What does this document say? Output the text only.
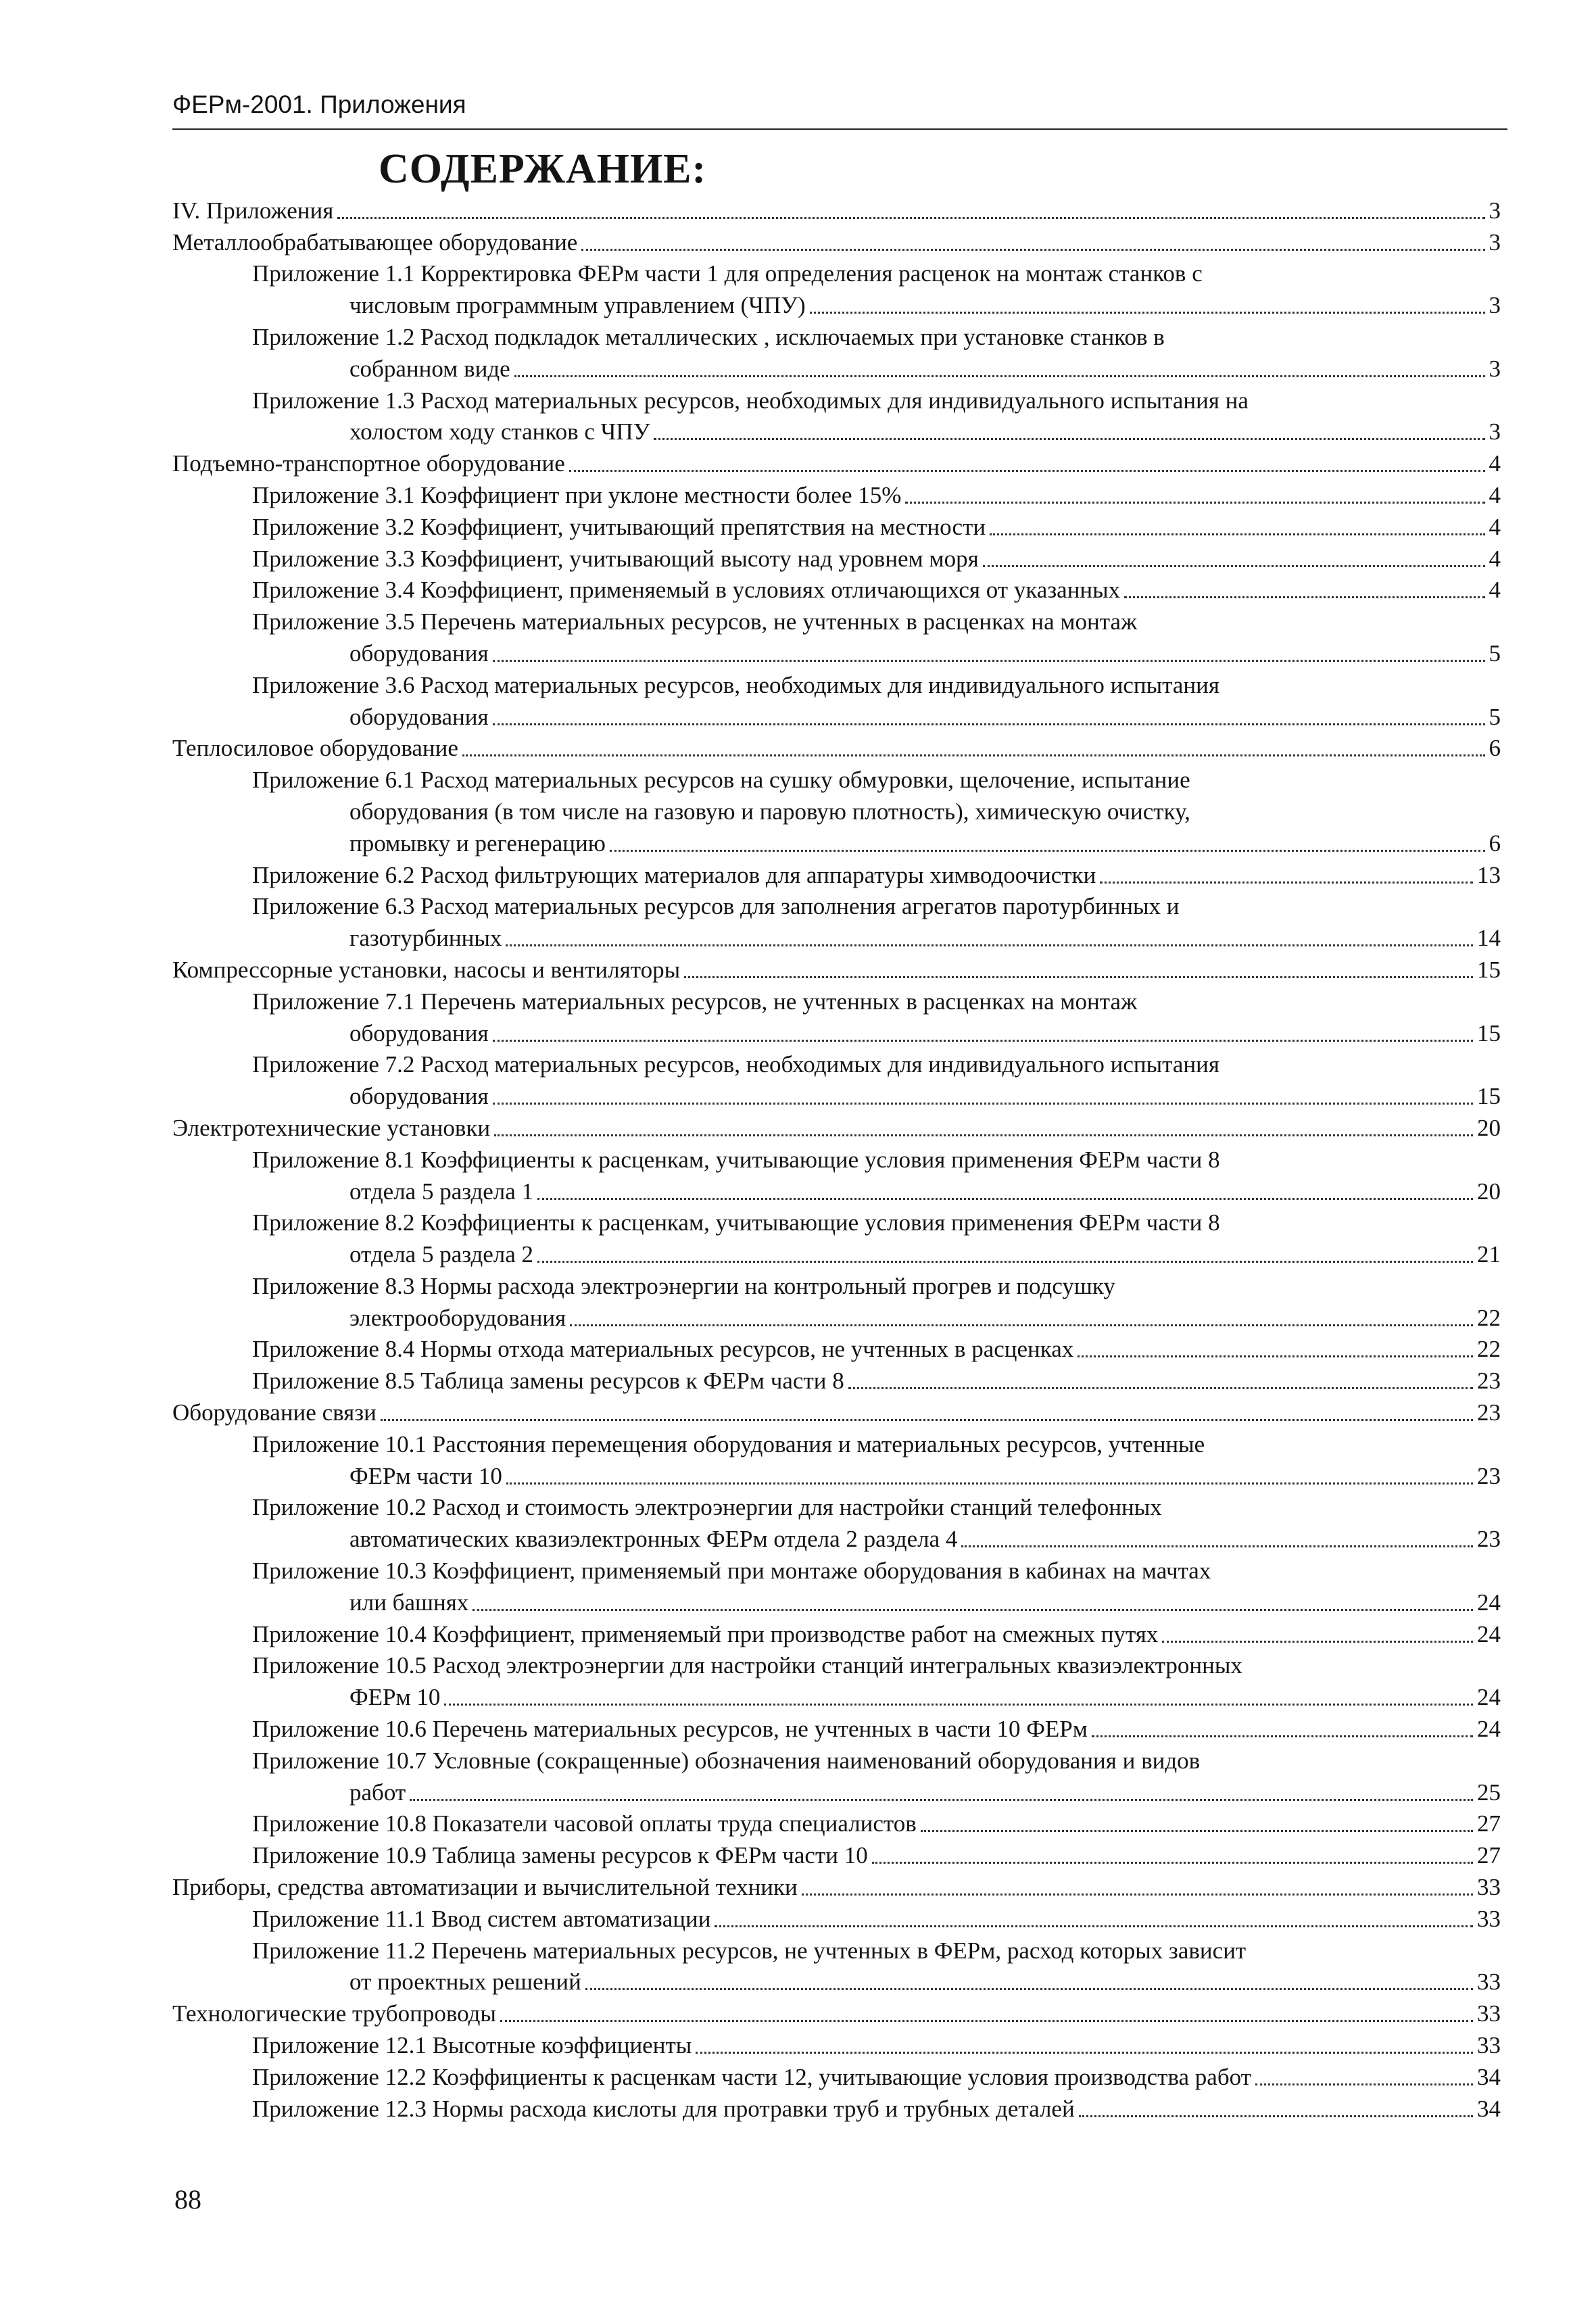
ФЕРм-2001. Приложения
СОДЕРЖАНИЕ:
IV. Приложения	3
Металлообрабатывающее оборудование	3
Приложение 1.1 Корректировка ФЕРм части 1 для определения расценок на монтаж станков с
числовым программным управлением (ЧПУ)	3
Приложение 1.2 Расход подкладок металлических , исключаемых при установке станков в
собранном виде	3
Приложение 1.3 Расход материальных ресурсов, необходимых для индивидуального испытания на
холостом ходу станков с ЧПУ	3
Подъемно-транспортное оборудование	4
Приложение 3.1 Коэффициент при уклоне местности более 15%	4
Приложение 3.2 Коэффициент, учитывающий препятствия на местности	4
Приложение 3.3 Коэффициент, учитывающий высоту над уровнем моря	4
Приложение 3.4 Коэффициент, применяемый в условиях отличающихся от указанных	4
Приложение 3.5 Перечень материальных ресурсов, не учтенных в расценках на монтаж
оборудования	5
Приложение 3.6 Расход материальных ресурсов, необходимых для индивидуального испытания
оборудования	5
Теплосиловое оборудование	6
Приложение 6.1 Расход материальных ресурсов на сушку обмуровки, щелочение, испытание
оборудования (в том числе на газовую и паровую плотность), химическую очистку,
промывку и регенерацию	6
Приложение 6.2 Расход фильтрующих материалов для аппаратуры химводоочистки	13
Приложение 6.3 Расход материальных ресурсов для заполнения агрегатов паротурбинных и
газотурбинных	14
Компрессорные установки, насосы и вентиляторы	15
Приложение 7.1 Перечень материальных ресурсов, не учтенных в расценках на монтаж
оборудования	15
Приложение 7.2 Расход материальных ресурсов, необходимых для индивидуального испытания
оборудования	15
Электротехнические установки	20
Приложение 8.1 Коэффициенты к расценкам, учитывающие условия применения ФЕРм части 8
отдела 5 раздела 1	20
Приложение 8.2 Коэффициенты к расценкам, учитывающие условия применения ФЕРм части 8
отдела 5 раздела 2	21
Приложение 8.3 Нормы расхода электроэнергии на контрольный прогрев и подсушку
электрооборудования	22
Приложение 8.4 Нормы отхода материальных ресурсов, не учтенных в расценках	22
Приложение 8.5 Таблица замены ресурсов к ФЕРм части 8	23
Оборудование связи	23
Приложение 10.1 Расстояния перемещения оборудования и материальных ресурсов, учтенные
ФЕРм части 10	23
Приложение 10.2 Расход и стоимость электроэнергии для настройки станций телефонных
автоматических квазиэлектронных ФЕРм отдела 2 раздела 4	23
Приложение 10.3 Коэффициент, применяемый при монтаже оборудования в кабинах на мачтах
или башнях	24
Приложение 10.4 Коэффициент, применяемый при производстве работ на смежных путях	24
Приложение 10.5 Расход электроэнергии для настройки станций интегральных квазиэлектронных
ФЕРм 10	24
Приложение 10.6 Перечень материальных ресурсов, не учтенных в части 10 ФЕРм	24
Приложение 10.7 Условные (сокращенные) обозначения наименований оборудования и видов
работ	25
Приложение 10.8 Показатели часовой оплаты труда специалистов	27
Приложение 10.9 Таблица замены ресурсов к ФЕРм части 10	27
Приборы, средства автоматизации и вычислительной техники	33
Приложение 11.1 Ввод систем автоматизации	33
Приложение 11.2 Перечень материальных ресурсов, не учтенных в ФЕРм, расход которых зависит
от проектных решений	33
Технологические трубопроводы	33
Приложение 12.1 Высотные коэффициенты	33
Приложение 12.2 Коэффициенты к расценкам части 12, учитывающие условия производства работ	34
Приложение 12.3 Нормы расхода кислоты для протравки труб и трубных деталей	34
88
